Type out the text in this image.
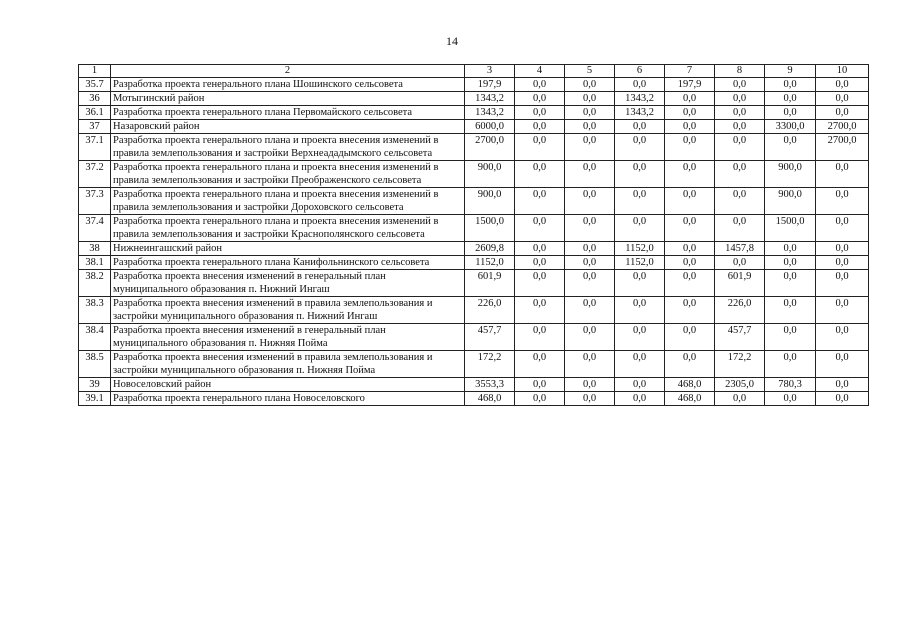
14
1	2	3	4	5	6	7	8	9	10
35.7	Разработка проекта генерального плана Шошинского сельсовета	197,9	0,0	0,0	0,0	197,9	0,0	0,0	0,0
36	Мотыгинский район	1343,2	0,0	0,0	1343,2	0,0	0,0	0,0	0,0
36.1	Разработка проекта генерального плана Первомайского сельсовета	1343,2	0,0	0,0	1343,2	0,0	0,0	0,0	0,0
37	Назаровский район	6000,0	0,0	0,0	0,0	0,0	0,0	3300,0	2700,0
37.1	Разработка проекта генерального плана и проекта внесения изменений в правила землепользования и застройки Верхнеададымского сельсовета	2700,0	0,0	0,0	0,0	0,0	0,0	0,0	2700,0
37.2	Разработка проекта генерального плана и проекта внесения изменений в правила землепользования и застройки Преображенского сельсовета	900,0	0,0	0,0	0,0	0,0	0,0	900,0	0,0
37.3	Разработка проекта генерального плана и проекта внесения изменений в правила землепользования и застройки Дороховского сельсовета	900,0	0,0	0,0	0,0	0,0	0,0	900,0	0,0
37.4	Разработка проекта генерального плана и проекта внесения изменений в правила землепользования и застройки Краснополянского сельсовета	1500,0	0,0	0,0	0,0	0,0	0,0	1500,0	0,0
38	Нижнеингашский район	2609,8	0,0	0,0	1152,0	0,0	1457,8	0,0	0,0
38.1	Разработка проекта генерального плана Канифольнинского сельсовета	1152,0	0,0	0,0	1152,0	0,0	0,0	0,0	0,0
38.2	Разработка проекта внесения изменений в генеральный план муниципального образования п. Нижний Ингаш	601,9	0,0	0,0	0,0	0,0	601,9	0,0	0,0
38.3	Разработка проекта внесения изменений в правила землепользования и застройки муниципального образования п. Нижний Ингаш	226,0	0,0	0,0	0,0	0,0	226,0	0,0	0,0
38.4	Разработка проекта внесения изменений в генеральный план муниципального образования п. Нижняя Пойма	457,7	0,0	0,0	0,0	0,0	457,7	0,0	0,0
38.5	Разработка проекта внесения изменений в правила землепользования и застройки муниципального образования п. Нижняя Пойма	172,2	0,0	0,0	0,0	0,0	172,2	0,0	0,0
39	Новоселовский район	3553,3	0,0	0,0	0,0	468,0	2305,0	780,3	0,0
39.1	Разработка проекта генерального плана Новоселовского	468,0	0,0	0,0	0,0	468,0	0,0	0,0	0,0
